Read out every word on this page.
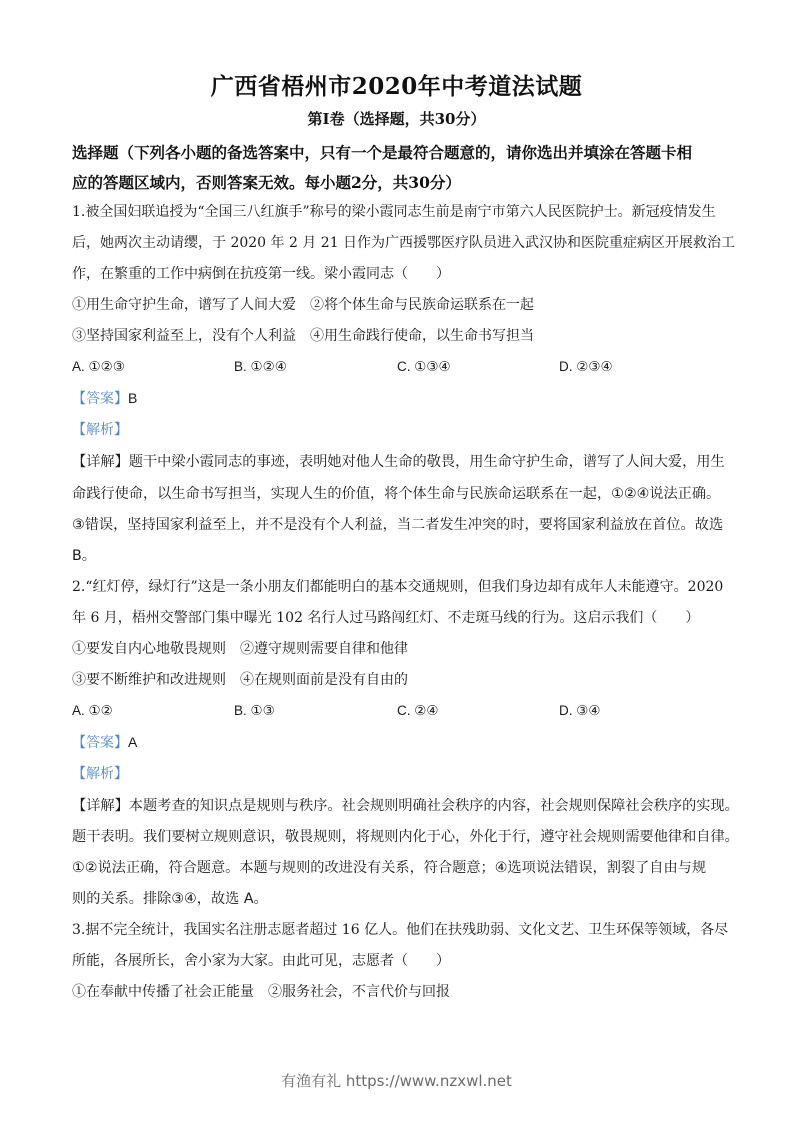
广西省梧州市2020年中考道法试题
第Ⅰ卷（选择题，共30分）
选择题（下列各小题的备选答案中，只有一个是最符合题意的，请你选出并填涂在答题卡相
应的答题区域内，否则答案无效。每小题2分，共30分）
1.被全国妇联追授为“全国三八红旗手”称号的梁小霞同志生前是南宁市第六人民医院护士。新冠疫情发生
后，她两次主动请缨，于 2020 年 2 月 21 日作为广西援鄂医疗队员进入武汉协和医院重症病区开展救治工
作，在繁重的工作中病倒在抗疫第一线。梁小霞同志（　　）
①用生命守护生命，谱写了人间大爱　②将个体生命与民族命运联系在一起
③坚持国家利益至上，没有个人利益　④用生命践行使命，以生命书写担当
A. ①②③	B. ①②④	C. ①③④	D. ②③④
【答案】B
【解析】
【详解】题干中梁小霞同志的事迹，表明她对他人生命的敬畏，用生命守护生命，谱写了人间大爱，用生
命践行使命，以生命书写担当，实现人生的价值，将个体生命与民族命运联系在一起，①②④说法正确。
③错误，坚持国家利益至上，并不是没有个人利益，当二者发生冲突的时，要将国家利益放在首位。故选
B。
2.“红灯停，绿灯行”这是一条小朋友们都能明白的基本交通规则，但我们身边却有成年人未能遵守。2020
年 6 月，梧州交警部门集中曝光 102 名行人过马路闯红灯、不走斑马线的行为。这启示我们（　　）
①要发自内心地敬畏规则　②遵守规则需要自律和他律
③要不断维护和改进规则　④在规则面前是没有自由的
A. ①②	B. ①③	C. ②④	D. ③④
【答案】A
【解析】
【详解】本题考查的知识点是规则与秩序。社会规则明确社会秩序的内容，社会规则保障社会秩序的实现。
题干表明。我们要树立规则意识，敬畏规则，将规则内化于心，外化于行，遵守社会规则需要他律和自律。
①②说法正确，符合题意。本题与规则的改进没有关系，符合题意；④选项说法错误，割裂了自由与规
则的关系。排除③④，故选 A。
3.据不完全统计，我国实名注册志愿者超过 16 亿人。他们在扶残助弱、文化文艺、卫生环保等领域，各尽
所能，各展所长，舍小家为大家。由此可见，志愿者（　　）
①在奉献中传播了社会正能量　②服务社会，不言代价与回报
有渔有礼 https://www.nzxwl.net
